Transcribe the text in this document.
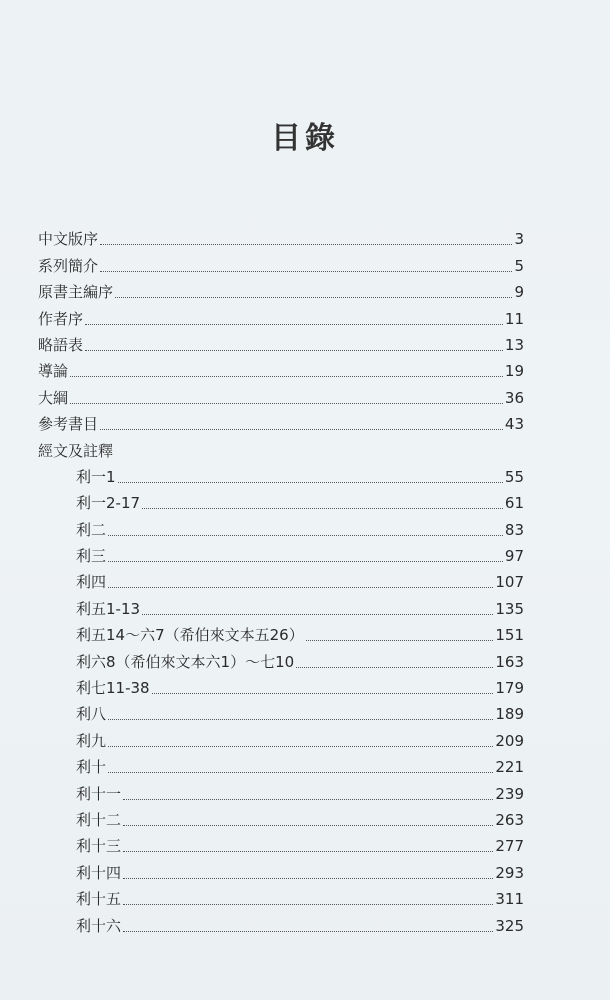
目錄
中文版序	3
系列簡介	5
原書主編序	9
作者序	11
略語表	13
導論	19
大綱	36
參考書目	43
經文及註釋
利一1	55
利一2-17	61
利二	83
利三	97
利四	107
利五1-13	135
利五14～六7（希伯來文本五26）	151
利六8（希伯來文本六1）～七10	163
利七11-38	179
利八	189
利九	209
利十	221
利十一	239
利十二	263
利十三	277
利十四	293
利十五	311
利十六	325
